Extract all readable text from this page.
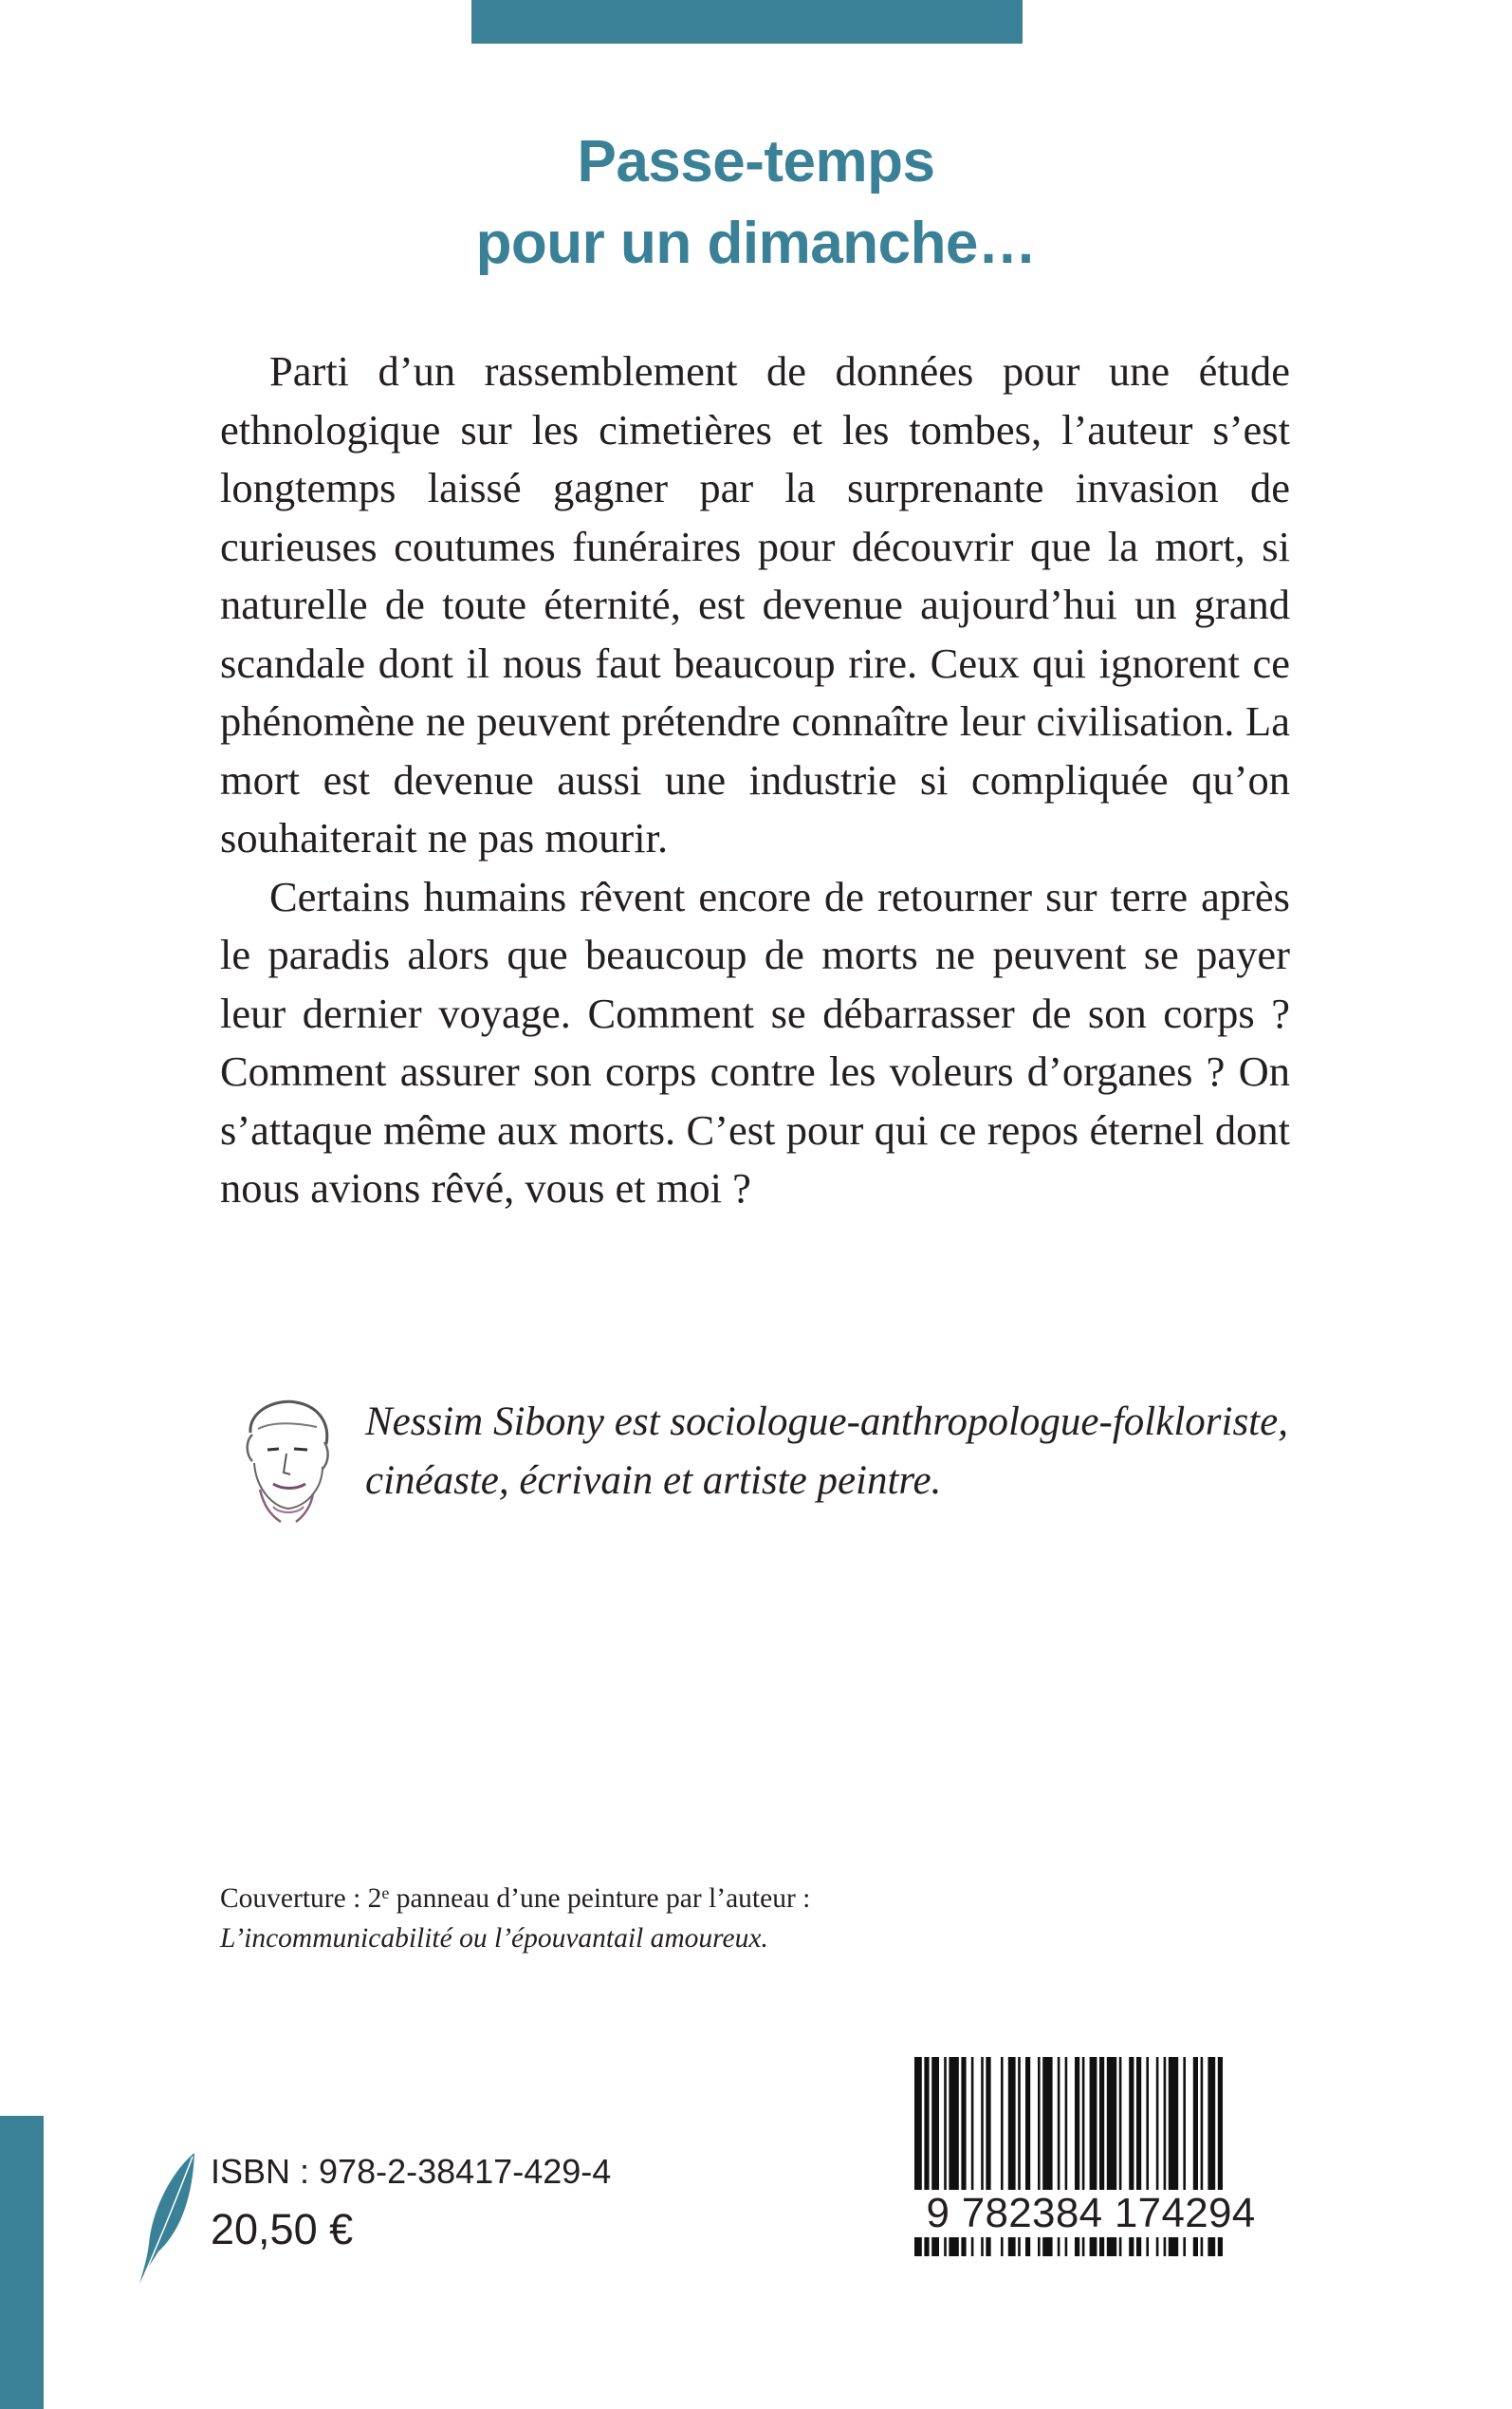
Passe-temps
pour un dimanche…

Parti d’un rassemblement de données pour une étude ethnologique sur les cimetières et les tombes, l’auteur s’est longtemps laissé gagner par la surprenante invasion de curieuses coutumes funéraires pour découvrir que la mort, si naturelle de toute éternité, est devenue aujourd’hui un grand scandale dont il nous faut beaucoup rire. Ceux qui ignorent ce phénomène ne peuvent prétendre connaître leur civilisation. La mort est devenue aussi une industrie si compliquée qu’on souhaiterait ne pas mourir.

Certains humains rêvent encore de retourner sur terre après le paradis alors que beaucoup de morts ne peuvent se payer leur dernier voyage. Comment se débarrasser de son corps ? Comment assurer son corps contre les voleurs d’organes ? On s’attaque même aux morts. C’est pour qui ce repos éternel dont nous avions rêvé, vous et moi ?

Nessim Sibony est sociologue-anthropologue-folkloriste,
cinéaste, écrivain et artiste peintre.
Couverture : 2e panneau d’une peinture par l’auteur :
L’incommunicabilité ou l’épouvantail amoureux.
ISBN : 978-2-38417-429-4
20,50 €	9 782384 174294
